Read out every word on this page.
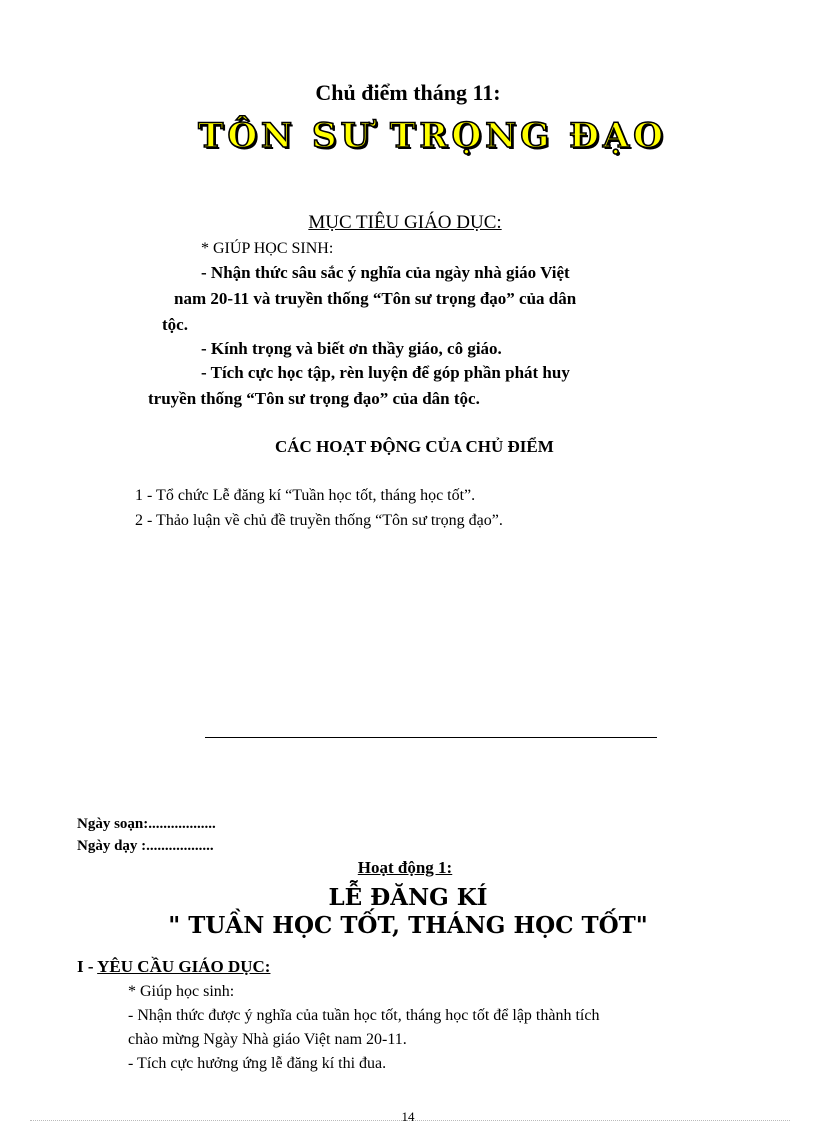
Chủ điểm tháng 11:
TÔN SƯ TRỌNG ĐẠO
MỤC TIÊU GIÁO DỤC:
* GIÚP HỌC SINH:
- Nhận thức sâu sắc ý nghĩa của ngày nhà giáo Việt
nam 20-11 và truyền thống “Tôn sư trọng đạo” của dân
tộc.
- Kính trọng và biết ơn thầy giáo, cô giáo.
- Tích cực học tập, rèn luyện để góp phần phát huy
truyền thống “Tôn sư trọng đạo” của dân tộc.
CÁC HOẠT ĐỘNG CỦA CHỦ ĐIỂM
1 - Tổ chức Lễ đăng kí “Tuần học tốt, tháng học tốt”.
2 - Thảo luận về chủ đề truyền thống “Tôn sư trọng đạo”.
Ngày soạn:..................
Ngày dạy :..................
Hoạt động 1:
LỄ ĐĂNG KÍ
" TUẦN HỌC TỐT, THÁNG HỌC TỐT"
I - YÊU CẦU GIÁO DỤC:
* Giúp học sinh:
- Nhận thức được ý nghĩa của tuần học tốt, tháng học tốt để lập thành tích
chào mừng Ngày Nhà giáo Việt nam 20-11.
- Tích cực hưởng ứng lễ đăng kí thi đua.
14
